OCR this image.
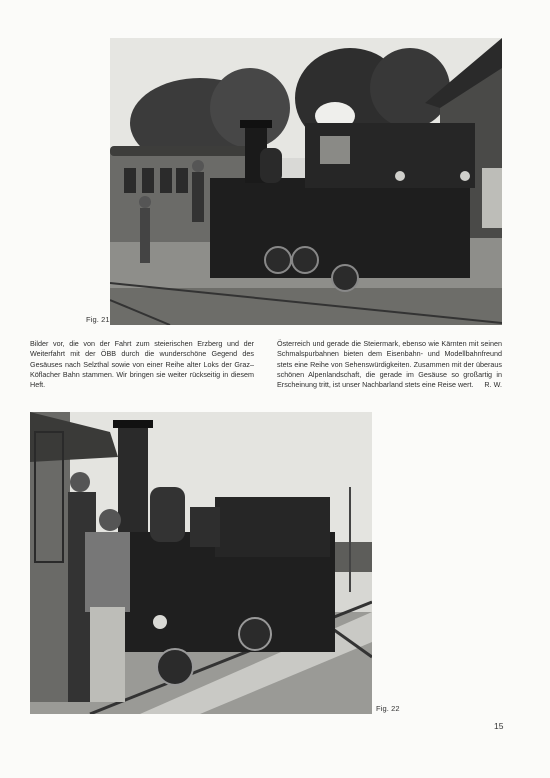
Fig. 21
Bilder vor, die von der Fahrt zum steierischen Erzberg und der Weiterfahrt mit der ÖBB durch die wunderschöne Gegend des Gesäuses nach Selzthal sowie von einer Reihe alter Loks der Graz–Köflacher Bahn stammen. Wir bringen sie weiter rückseitig in diesem Heft.
Österreich und gerade die Steiermark, ebenso wie Kärnten mit seinen Schmalspurbahnen bieten dem Eisenbahn- und Modellbahnfreund stets eine Reihe von Sehenswürdigkeiten. Zusammen mit der überaus schönen Alpenlandschaft, die gerade im Gesäuse so großartig in Erscheinung tritt, ist unser Nachbarland stets eine Reise wert. R. W.
Fig. 22
15
